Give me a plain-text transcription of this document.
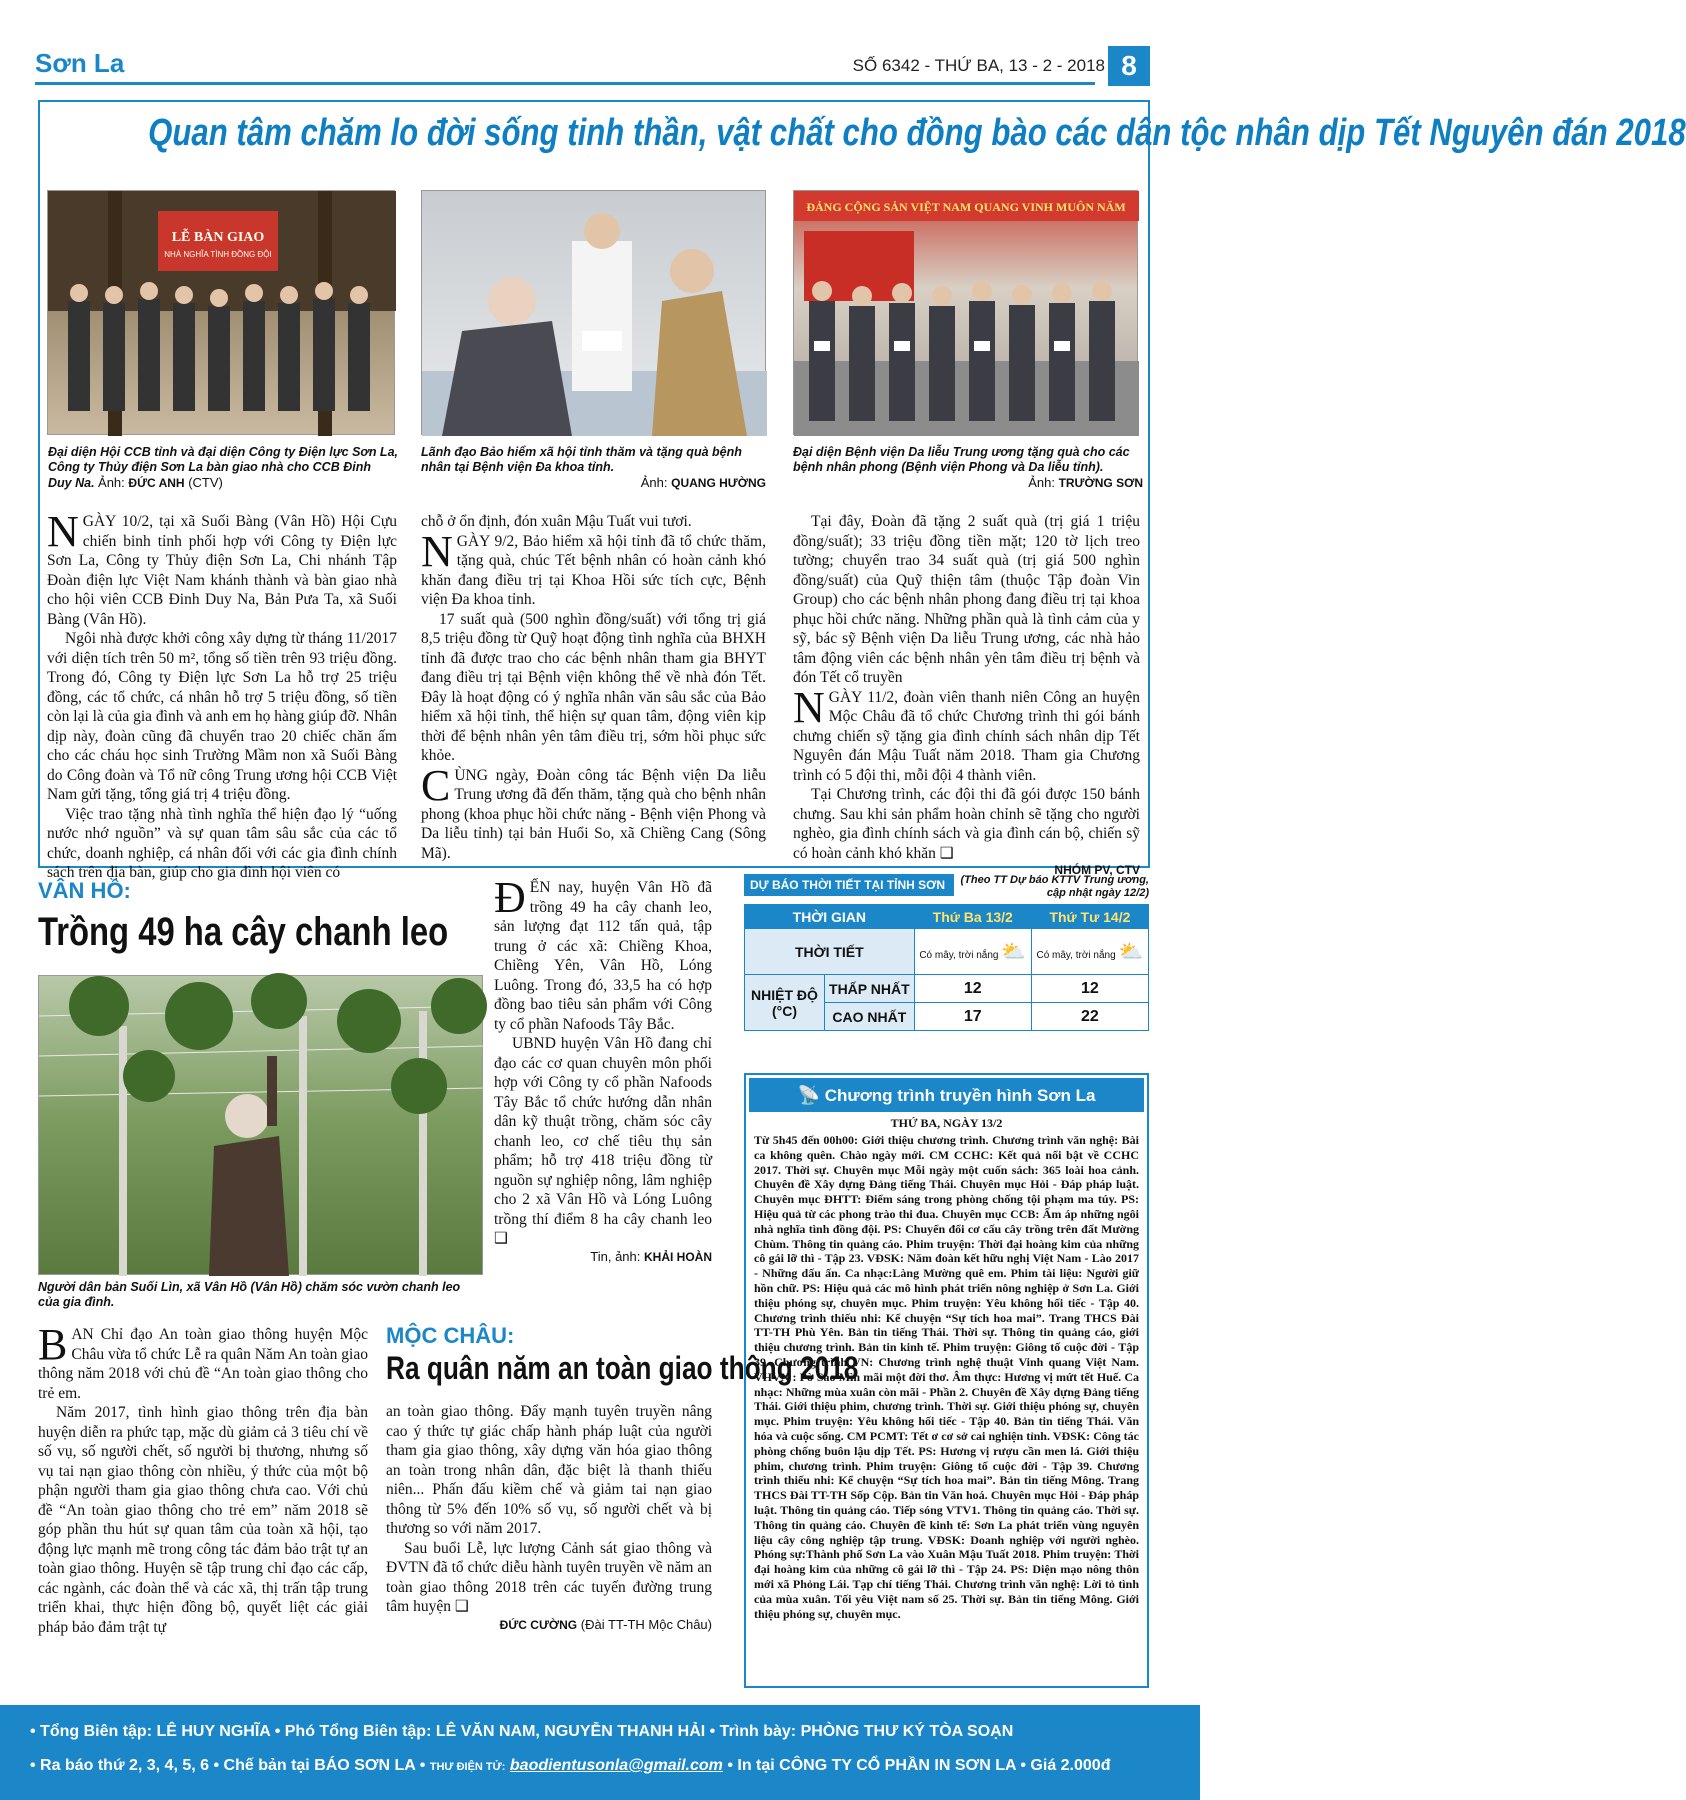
Sơn La	SỐ 6342 - THỨ BA, 13 - 2 - 2018 8
Quan tâm chăm lo đời sống tinh thần, vật chất cho đồng bào các dân tộc nhân dịp Tết Nguyên đán 2018
LỄ BÀN GIAO
NHÀ NGHĨA TÌNH ĐỒNG ĐỘI
Đại diện Hội CCB tỉnh và đại diện Công ty Điện lực Sơn La, Công ty Thủy điện Sơn La bàn giao nhà cho CCB Đinh Duy Na. Ảnh: ĐỨC ANH (CTV)
Lãnh đạo Bảo hiểm xã hội tỉnh thăm và tặng quà bệnh nhân tại Bệnh viện Đa khoa tỉnh.
Ảnh: QUANG HƯỜNG
ĐẢNG CỘNG SẢN VIỆT NAM QUANG VINH MUÔN NĂM
Đại diện Bệnh viện Da liễu Trung ương tặng quà cho các bệnh nhân phong (Bệnh viện Phong và Da liễu tỉnh).
Ảnh: TRƯỜNG SƠN

NGÀY 10/2, tại xã Suối Bàng (Vân Hồ) Hội Cựu chiến binh tỉnh phối hợp với Công ty Điện lực Sơn La, Công ty Thủy điện Sơn La, Chi nhánh Tập Đoàn điện lực Việt Nam khánh thành và bàn giao nhà cho hội viên CCB Đinh Duy Na, Bản Pưa Ta, xã Suối Bàng (Vân Hồ).

Ngôi nhà được khởi công xây dựng từ tháng 11/2017 với diện tích trên 50 m², tổng số tiền trên 93 triệu đồng. Trong đó, Công ty Điện lực Sơn La hỗ trợ 25 triệu đồng, các tổ chức, cá nhân hỗ trợ 5 triệu đồng, số tiền còn lại là của gia đình và anh em họ hàng giúp đỡ. Nhân dịp này, đoàn cũng đã chuyển trao 20 chiếc chăn ấm cho các cháu học sinh Trường Mầm non xã Suối Bàng do Công đoàn và Tổ nữ công Trung ương hội CCB Việt Nam gửi tặng, tổng giá trị 4 triệu đồng.

Việc trao tặng nhà tình nghĩa thể hiện đạo lý “uống nước nhớ nguồn” và sự quan tâm sâu sắc của các tổ chức, doanh nghiệp, cá nhân đối với các gia đình chính sách trên địa bàn, giúp cho gia đình hội viên có

chỗ ở ổn định, đón xuân Mậu Tuất vui tươi.

NGÀY 9/2, Bảo hiểm xã hội tỉnh đã tổ chức thăm, tặng quà, chúc Tết bệnh nhân có hoàn cảnh khó khăn đang điều trị tại Khoa Hồi sức tích cực, Bệnh viện Đa khoa tỉnh.

17 suất quà (500 nghìn đồng/suất) với tổng trị giá 8,5 triệu đồng từ Quỹ hoạt động tình nghĩa của BHXH tỉnh đã được trao cho các bệnh nhân tham gia BHYT đang điều trị tại Bệnh viện không thể về nhà đón Tết. Đây là hoạt động có ý nghĩa nhân văn sâu sắc của Bảo hiểm xã hội tỉnh, thể hiện sự quan tâm, động viên kịp thời để bệnh nhân yên tâm điều trị, sớm hồi phục sức khỏe.

CÙNG ngày, Đoàn công tác Bệnh viện Da liễu Trung ương đã đến thăm, tặng quà cho bệnh nhân phong (khoa phục hồi chức năng - Bệnh viện Phong và Da liễu tỉnh) tại bản Huổi So, xã Chiềng Cang (Sông Mã).

Tại đây, Đoàn đã tặng 2 suất quà (trị giá 1 triệu đồng/suất); 33 triệu đồng tiền mặt; 120 tờ lịch treo tường; chuyển trao 34 suất quà (trị giá 500 nghìn đồng/suất) của Quỹ thiện tâm (thuộc Tập đoàn Vin Group) cho các bệnh nhân phong đang điều trị tại khoa phục hồi chức năng. Những phần quà là tình cảm của y sỹ, bác sỹ Bệnh viện Da liễu Trung ương, các nhà hảo tâm động viên các bệnh nhân yên tâm điều trị bệnh và đón Tết cổ truyền

NGÀY 11/2, đoàn viên thanh niên Công an huyện Mộc Châu đã tổ chức Chương trình thi gói bánh chưng chiến sỹ tặng gia đình chính sách nhân dịp Tết Nguyên đán Mậu Tuất năm 2018. Tham gia Chương trình có 5 đội thi, mỗi đội 4 thành viên.

Tại Chương trình, các đội thi đã gói được 150 bánh chưng. Sau khi sản phẩm hoàn chỉnh sẽ tặng cho người nghèo, gia đình chính sách và gia đình cán bộ, chiến sỹ có hoàn cảnh khó khăn ❑

NHÓM PV, CTV
VÂN HỒ:
Trồng 49 ha cây chanh leo
Người dân bản Suối Lìn, xã Vân Hồ (Vân Hồ) chăm sóc vườn chanh leo của gia đình.

ĐẾN nay, huyện Vân Hồ đã trồng 49 ha cây chanh leo, sản lượng đạt 112 tấn quả, tập trung ở các xã: Chiềng Khoa, Chiềng Yên, Vân Hồ, Lóng Luông. Trong đó, 33,5 ha có hợp đồng bao tiêu sản phẩm với Công ty cổ phần Nafoods Tây Bắc.

UBND huyện Vân Hồ đang chỉ đạo các cơ quan chuyên môn phối hợp với Công ty cổ phần Nafoods Tây Bắc tổ chức hướng dẫn nhân dân kỹ thuật trồng, chăm sóc cây chanh leo, cơ chế tiêu thụ sản phẩm; hỗ trợ 418 triệu đồng từ nguồn sự nghiệp nông, lâm nghiệp cho 2 xã Vân Hồ và Lóng Luông trồng thí điểm 8 ha cây chanh leo ❑

Tin, ảnh: KHẢI HOÀN
MỘC CHÂU:
Ra quân năm an toàn giao thông 2018

BAN Chỉ đạo An toàn giao thông huyện Mộc Châu vừa tổ chức Lễ ra quân Năm An toàn giao thông năm 2018 với chủ đề “An toàn giao thông cho trẻ em.

Năm 2017, tình hình giao thông trên địa bàn huyện diễn ra phức tạp, mặc dù giảm cả 3 tiêu chí về số vụ, số người chết, số người bị thương, nhưng số vụ tai nạn giao thông còn nhiều, ý thức của một bộ phận người tham gia giao thông chưa cao. Với chủ đề “An toàn giao thông cho trẻ em” năm 2018 sẽ góp phần thu hút sự quan tâm của toàn xã hội, tạo động lực mạnh mẽ trong công tác đảm bảo trật tự an toàn giao thông. Huyện sẽ tập trung chỉ đạo các cấp, các ngành, các đoàn thể và các xã, thị trấn tập trung triển khai, thực hiện đồng bộ, quyết liệt các giải pháp bảo đảm trật tự

an toàn giao thông. Đẩy mạnh tuyên truyền nâng cao ý thức tự giác chấp hành pháp luật của người tham gia giao thông, xây dựng văn hóa giao thông an toàn trong nhân dân, đặc biệt là thanh thiếu niên... Phấn đấu kiềm chế và giảm tai nạn giao thông từ 5% đến 10% số vụ, số người chết và bị thương so với năm 2017.

Sau buổi Lễ, lực lượng Cảnh sát giao thông và ĐVTN đã tổ chức diễu hành tuyên truyền về năm an toàn giao thông 2018 trên các tuyến đường trung tâm huyện ❑

ĐỨC CƯỜNG (Đài TT-TH Mộc Châu)
DỰ BÁO THỜI TIẾT TẠI TỈNH SƠN LA
(Theo TT Dự báo KTTV Trung ương, cập nhật ngày 12/2)
THỜI GIAN		Thứ Ba 13/2	Thứ Tư 14/2
THỜI TIẾT		Có mây, trời nắng ⛅	Có mây, trời nắng ⛅
NHIỆT ĐỘ (°C)	THẤP NHẤT	12	12
	CAO NHẤT	17	22
📡 Chương trình truyền hình Sơn La
THỨ BA, NGÀY 13/2
Từ 5h45 đến 00h00: Giới thiệu chương trình. Chương trình văn nghệ: Bài ca không quên. Chào ngày mới. CM CCHC: Kết quả nổi bật về CCHC 2017. Thời sự. Chuyên mục Mỗi ngày một cuốn sách: 365 loài hoa cảnh. Chuyên đề Xây dựng Đảng tiếng Thái. Chuyên mục Hỏi - Đáp pháp luật. Chuyên mục ĐHTT: Điểm sáng trong phòng chống tội phạm ma túy. PS: Hiệu quả từ các phong trào thi đua. Chuyên mục CCB: Ấm áp những ngôi nhà nghĩa tình đồng đội. PS: Chuyển đổi cơ cấu cây trồng trên đất Mường Chùm. Thông tin quảng cáo. Phim truyện: Thời đại hoàng kim của những cô gái lỡ thì - Tập 23. VĐSK: Năm đoàn kết hữu nghị Việt Nam - Lào 2017 - Những dấu ấn. Ca nhạc:Làng Mường quê em. Phim tài liệu: Người giữ hồn chữ. PS: Hiệu quả các mô hình phát triển nông nghiệp ở Sơn La. Giới thiệu phóng sự, chuyên mục. Phim truyện: Yêu không hối tiếc - Tập 40. Chương trình thiếu nhi: Kể chuyện “Sự tích hoa mai”. Trang THCS Đài TT-TH Phù Yên. Bản tin tiếng Thái. Thời sự. Thông tin quảng cáo, giới thiệu chương trình. Bản tin kinh tế. Phim truyện: Giông tố cuộc đời - Tập 39. Chương trình VN: Chương trình nghệ thuật Vinh quang Việt Nam. VHVN : Pờ Sảo Mìn mãi một đời thơ. Âm thực: Hương vị mứt tết Huế. Ca nhạc: Những mùa xuân còn mãi - Phần 2. Chuyên đề Xây dựng Đảng tiếng Thái. Giới thiệu phim, chương trình. Thời sự. Giới thiệu phóng sự, chuyên mục. Phim truyện: Yêu không hối tiếc - Tập 40. Bản tin tiếng Thái. Văn hóa và cuộc sống. CM PCMT: Tết ơ cơ sở cai nghiện tỉnh. VĐSK: Công tác phòng chống buôn lậu dịp Tết. PS: Hương vị rượu cần men lá. Giới thiệu phim, chương trình. Phim truyện: Giông tố cuộc đời - Tập 39. Chương trình thiếu nhi: Kể chuyện “Sự tích hoa mai”. Bản tin tiếng Mông. Trang THCS Đài TT-TH Sốp Cộp. Bản tin Văn hoá. Chuyên mục Hỏi - Đáp pháp luật. Thông tin quảng cáo. Tiếp sóng VTV1. Thông tin quảng cáo. Thời sự. Thông tin quảng cáo. Chuyên đề kinh tế: Sơn La phát triển vùng nguyên liệu cây công nghiệp tập trung. VĐSK: Doanh nghiệp với người nghèo. Phóng sự:Thành phố Sơn La vào Xuân Mậu Tuất 2018. Phim truyện: Thời đại hoàng kim của những cô gái lỡ thì - Tập 24. PS: Diện mạo nông thôn mới xã Phỏng Lái. Tạp chí tiếng Thái. Chương trình văn nghệ: Lời tỏ tình của mùa xuân. Tối yêu Việt nam số 25. Thời sự. Bản tin tiếng Mông. Giới thiệu phóng sự, chuyên mục.
• Tổng Biên tập: LÊ HUY NGHĨA • Phó Tổng Biên tập: LÊ VĂN NAM, NGUYỄN THANH HẢI • Trình bày: PHÒNG THƯ KÝ TÒA SOẠN
• Ra báo thứ 2, 3, 4, 5, 6 • Chế bản tại BÁO SƠN LA • THƯ ĐIỆN TỬ: baodientusonla@gmail.com • In tại CÔNG TY CỔ PHẦN IN SƠN LA • Giá 2.000đ
